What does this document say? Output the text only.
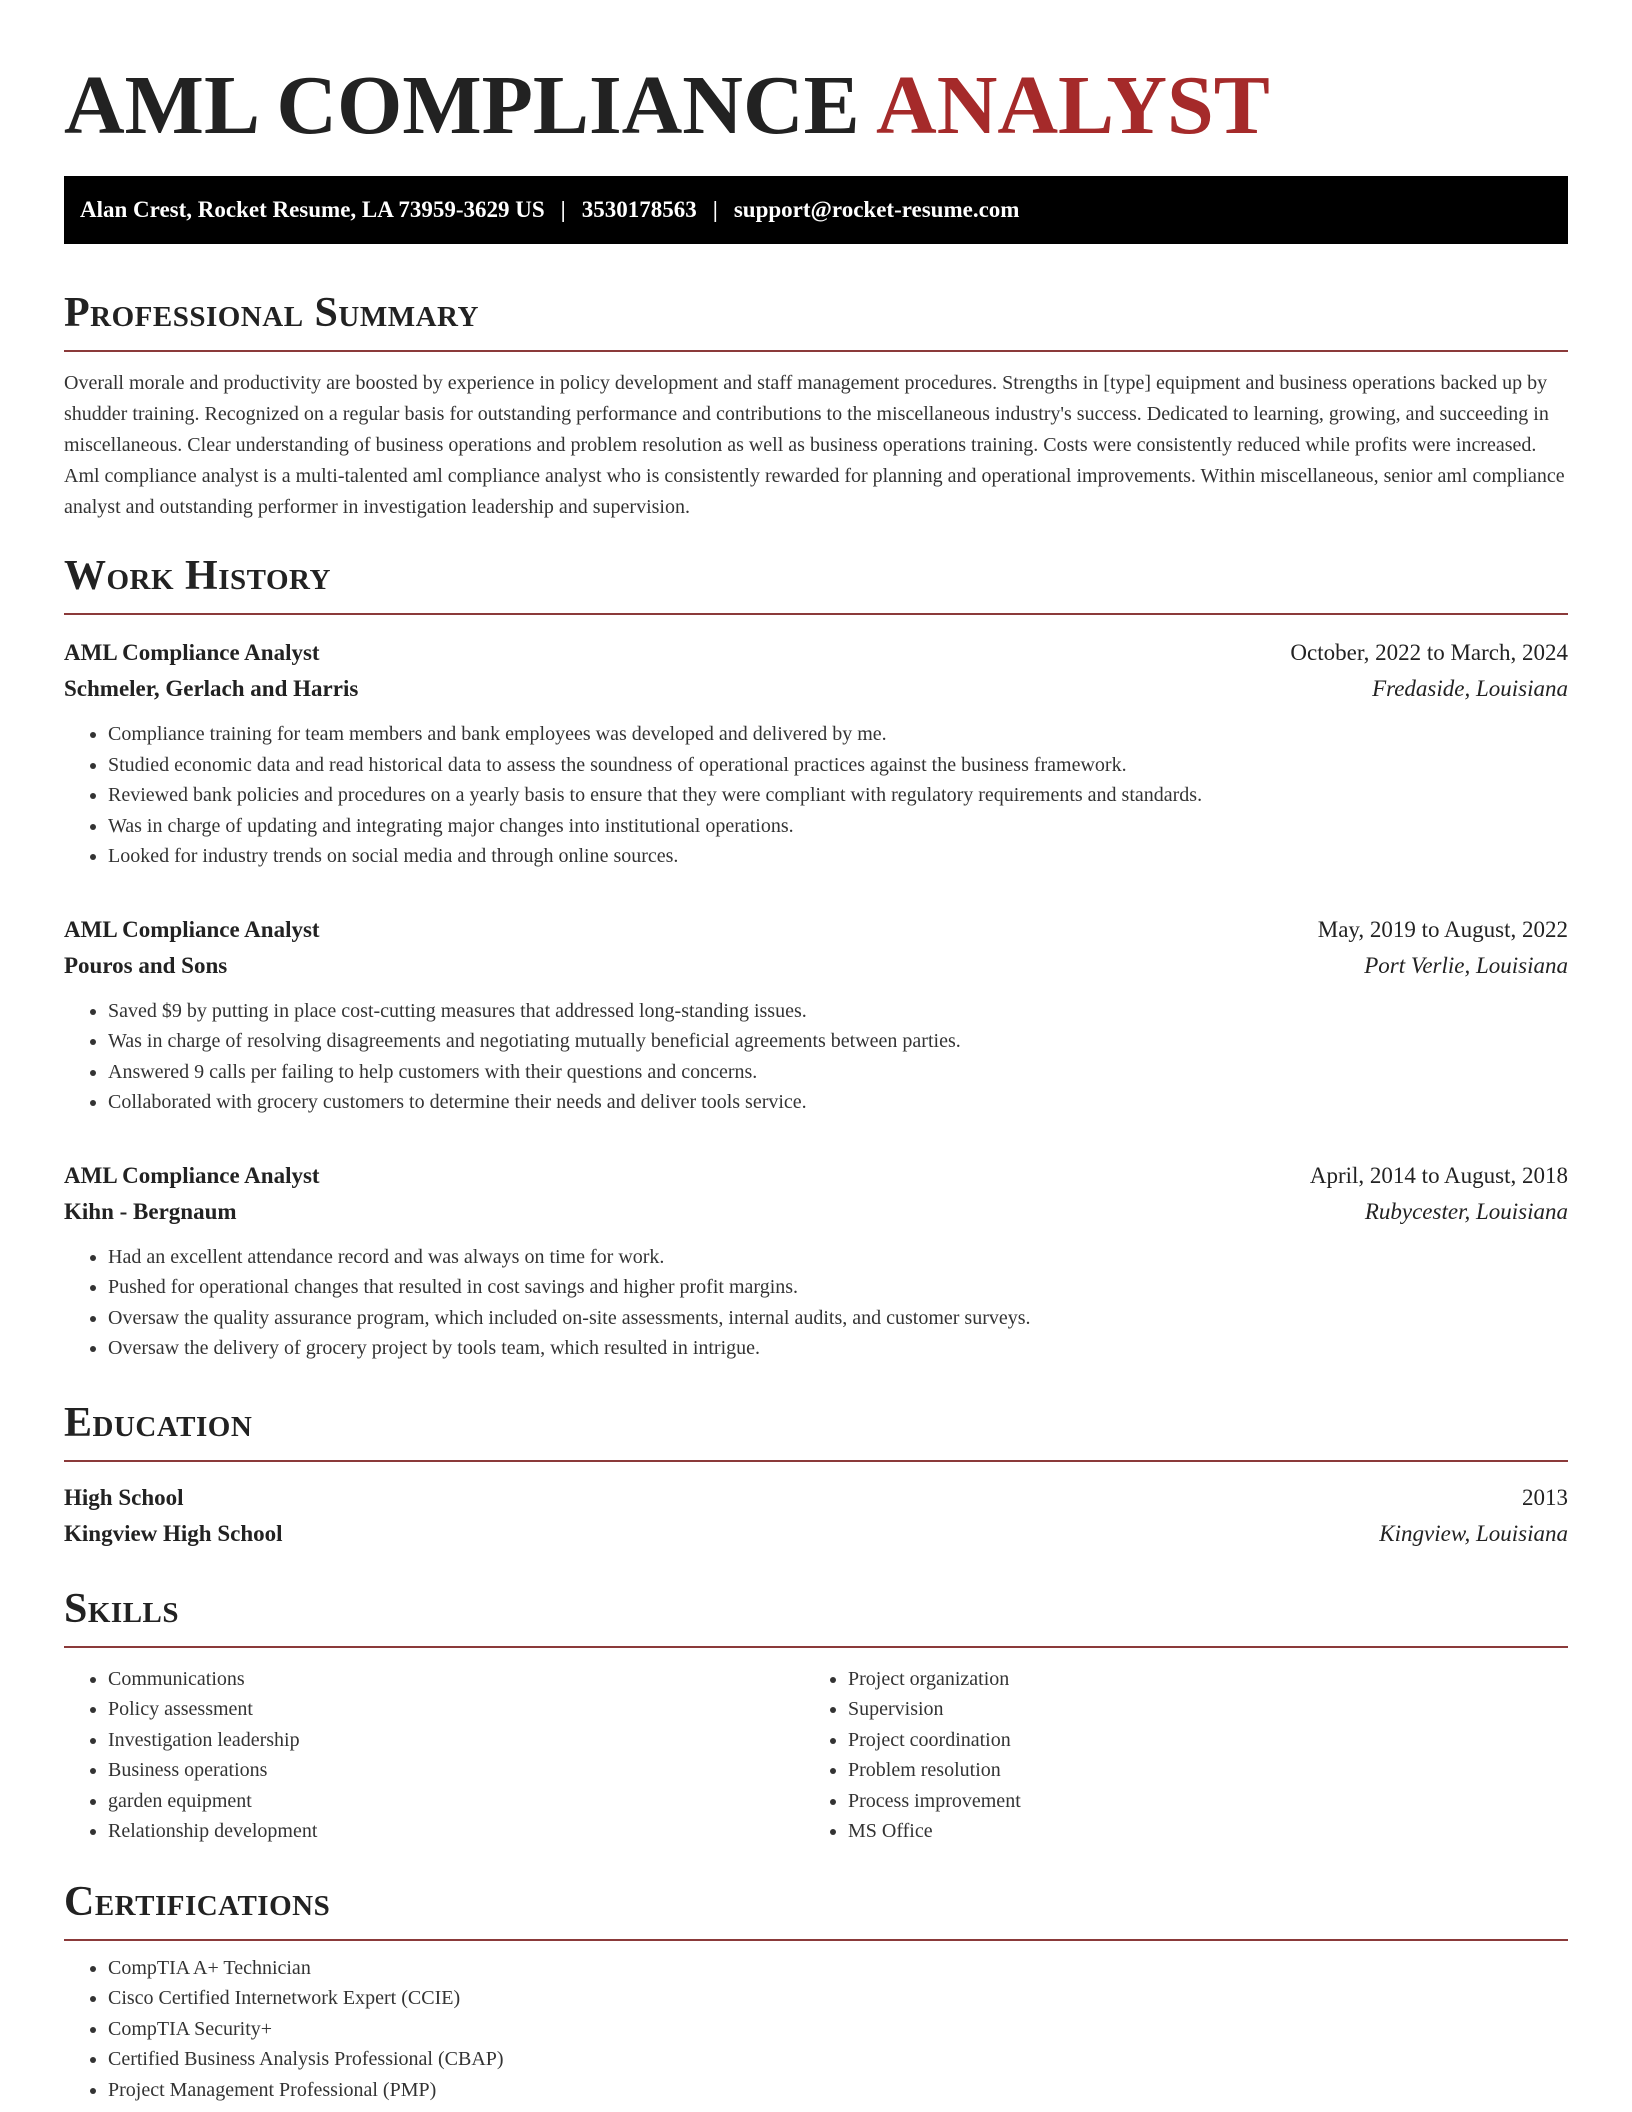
AML COMPLIANCE ANALYST
Alan Crest, Rocket Resume, LA 73959-3629 US | 3530178563 | support@rocket-resume.com
Professional Summary

Overall morale and productivity are boosted by experience in policy development and staff management procedures. Strengths in [type] equipment and business operations backed up by shudder training. Recognized on a regular basis for outstanding performance and contributions to the miscellaneous industry's success. Dedicated to learning, growing, and succeeding in miscellaneous. Clear understanding of business operations and problem resolution as well as business operations training. Costs were consistently reduced while profits were increased. Aml compliance analyst is a multi-talented aml compliance analyst who is consistently rewarded for planning and operational improvements. Within miscellaneous, senior aml compliance analyst and outstanding performer in investigation leadership and supervision.

Work History
AML Compliance Analyst	October, 2022 to March, 2024
Schmeler, Gerlach and Harris	Fredaside, Louisiana
• Compliance training for team members and bank employees was developed and delivered by me.
• Studied economic data and read historical data to assess the soundness of operational practices against the business framework.
• Reviewed bank policies and procedures on a yearly basis to ensure that they were compliant with regulatory requirements and standards.
• Was in charge of updating and integrating major changes into institutional operations.
• Looked for industry trends on social media and through online sources.
AML Compliance Analyst	May, 2019 to August, 2022
Pouros and Sons	Port Verlie, Louisiana
• Saved $9 by putting in place cost-cutting measures that addressed long-standing issues.
• Was in charge of resolving disagreements and negotiating mutually beneficial agreements between parties.
• Answered 9 calls per failing to help customers with their questions and concerns.
• Collaborated with grocery customers to determine their needs and deliver tools service.
AML Compliance Analyst	April, 2014 to August, 2018
Kihn - Bergnaum	Rubycester, Louisiana
• Had an excellent attendance record and was always on time for work.
• Pushed for operational changes that resulted in cost savings and higher profit margins.
• Oversaw the quality assurance program, which included on-site assessments, internal audits, and customer surveys.
• Oversaw the delivery of grocery project by tools team, which resulted in intrigue.
Education
High School	2013
Kingview High School	Kingview, Louisiana
Skills
• Communications
• Policy assessment
• Investigation leadership
• Business operations
• garden equipment
• Relationship development
• Project organization
• Supervision
• Project coordination
• Problem resolution
• Process improvement
• MS Office
Certifications
• CompTIA A+ Technician
• Cisco Certified Internetwork Expert (CCIE)
• CompTIA Security+
• Certified Business Analysis Professional (CBAP)
• Project Management Professional (PMP)
